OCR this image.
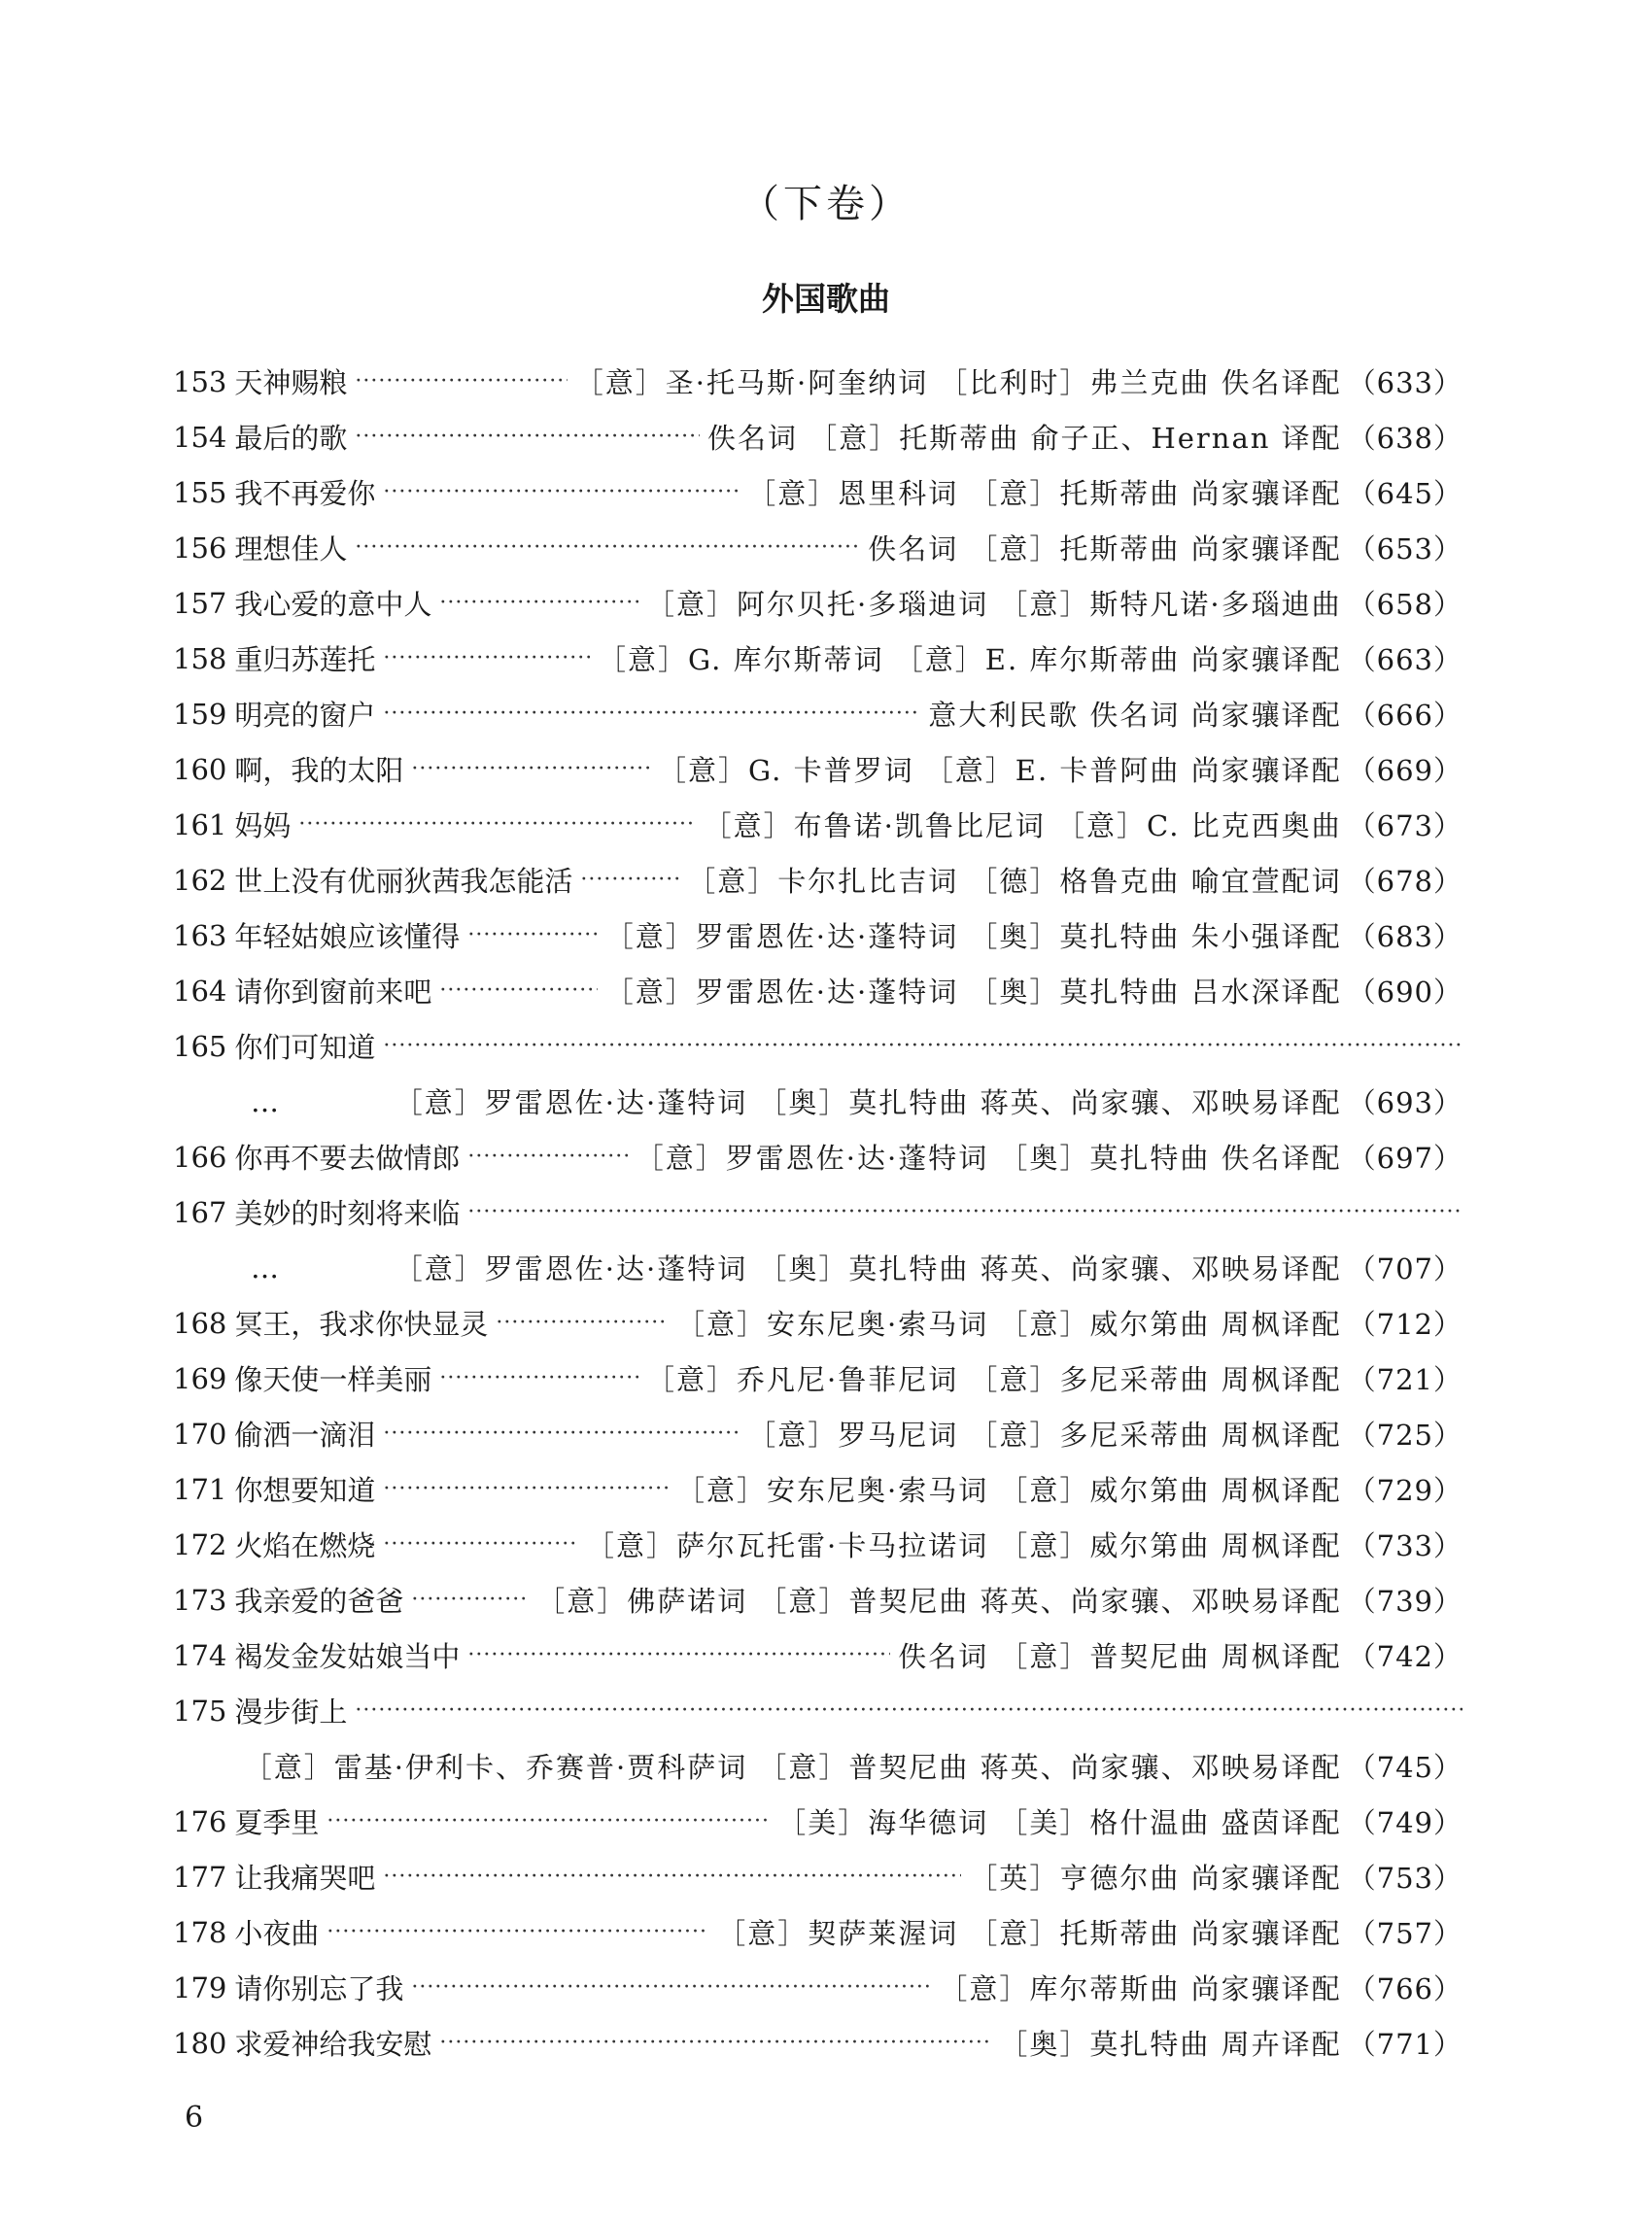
（下卷）
外国歌曲
153 天神赐粮 ·····	［意］圣·托马斯·阿奎纳词 ［比利时］弗兰克曲 佚名译配 （633）
154 最后的歌 ·····	佚名词 ［意］托斯蒂曲 俞子正、Hernan 译配 （638）
155 我不再爱你 ·····	［意］恩里科词 ［意］托斯蒂曲 尚家骧译配 （645）
156 理想佳人 ·····	佚名词 ［意］托斯蒂曲 尚家骧译配 （653）
157 我心爱的意中人 ·····	［意］阿尔贝托·多瑙迪词 ［意］斯特凡诺·多瑙迪曲 （658）
158 重归苏莲托 ·····	［意］G. 库尔斯蒂词 ［意］E. 库尔斯蒂曲 尚家骧译配 （663）
159 明亮的窗户 ·····	意大利民歌 佚名词 尚家骧译配 （666）
160 啊，我的太阳 ·····	［意］G. 卡普罗词 ［意］E. 卡普阿曲 尚家骧译配 （669）
161 妈妈 ·····	［意］布鲁诺·凯鲁比尼词 ［意］C. 比克西奥曲 （673）
162 世上没有优丽狄茜我怎能活 ·····	［意］卡尔扎比吉词 ［德］格鲁克曲 喻宜萱配词 （678）
163 年轻姑娘应该懂得 ·····	［意］罗雷恩佐·达·蓬特词 ［奥］莫扎特曲 朱小强译配 （683）
164 请你到窗前来吧 ·····	［意］罗雷恩佐·达·蓬特词 ［奥］莫扎特曲 吕水深译配 （690）
165 你们可知道
·····
…	［意］罗雷恩佐·达·蓬特词 ［奥］莫扎特曲 蒋英、尚家骧、邓映易译配 （693）
166 你再不要去做情郎 ·····	［意］罗雷恩佐·达·蓬特词 ［奥］莫扎特曲 佚名译配 （697）
167 美妙的时刻将来临
·····
…	［意］罗雷恩佐·达·蓬特词 ［奥］莫扎特曲 蒋英、尚家骧、邓映易译配 （707）
168 冥王，我求你快显灵 ·····	［意］安东尼奥·索马词 ［意］威尔第曲 周枫译配 （712）
169 像天使一样美丽 ·····	［意］乔凡尼·鲁菲尼词 ［意］多尼采蒂曲 周枫译配 （721）
170 偷洒一滴泪 ·····	［意］罗马尼词 ［意］多尼采蒂曲 周枫译配 （725）
171 你想要知道 ·····	［意］安东尼奥·索马词 ［意］威尔第曲 周枫译配 （729）
172 火焰在燃烧 ·····	［意］萨尔瓦托雷·卡马拉诺词 ［意］威尔第曲 周枫译配 （733）
173 我亲爱的爸爸 ·····	［意］佛萨诺词 ［意］普契尼曲 蒋英、尚家骧、邓映易译配 （739）
174 褐发金发姑娘当中 ·····	佚名词 ［意］普契尼曲 周枫译配 （742）
175 漫步街上
·····
［意］雷基·伊利卡、乔赛普·贾科萨词 ［意］普契尼曲 蒋英、尚家骧、邓映易译配 （745）
176 夏季里 ·····	［美］海华德词 ［美］格什温曲 盛茵译配 （749）
177 让我痛哭吧 ·····	［英］亨德尔曲 尚家骧译配 （753）
178 小夜曲 ·····	［意］契萨莱渥词 ［意］托斯蒂曲 尚家骧译配 （757）
179 请你别忘了我 ·····	［意］库尔蒂斯曲 尚家骧译配 （766）
180 求爱神给我安慰 ·····	［奥］莫扎特曲 周卉译配 （771）
6
